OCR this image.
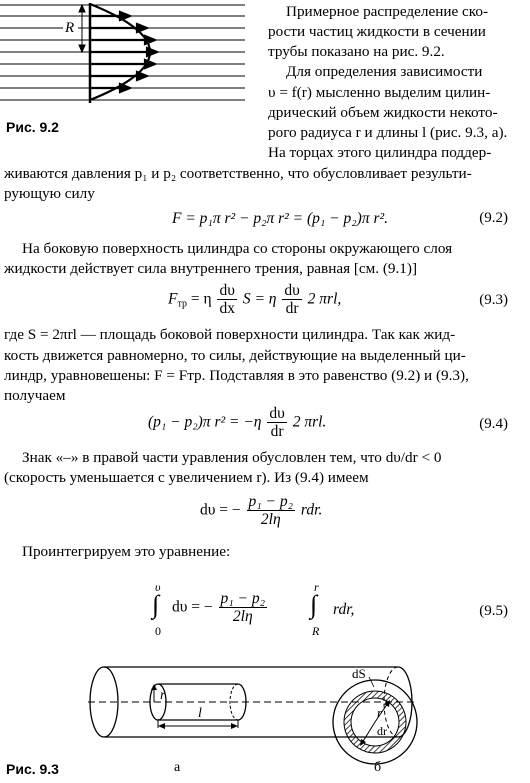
R
Рис. 9.2
Примерное распределение ско-
рости частиц жидкости в сечении
трубы показано на рис. 9.2.
Для определения зависимости
υ = f(r) мысленно выделим цилин-
дрический объем жидкости некото-
рого радиуса r и длины l (рис. 9.3, а).
На торцах этого цилиндра поддер-
живаются давления p₁ и p₂ соответственно, что обусловливает результи-
рующую силу
F = p₁π r² − p₂π r² = (p₁ − p₂)π r².	(9.2)
На боковую поверхность цилиндра со стороны окружающего слоя
жидкости действует сила внутреннего трения, равная [см. (9.1)]
$F_{тр} = \eta \frac{d\upsilon}{dx}$ S = η $\frac{d\upsilon}{dr} 2$ πrl,	(9.3)
где S = 2πrl — площадь боковой поверхности цилиндра. Так как жид-
кость движется равномерно, то силы, действующие на выделенный ци-
линдр, уравновешены: F = Fтр. Подставляя в это равенство (9.2) и (9.3),
получаем
(p₁ − p₂)π $r^2 = -\eta \frac{d\upsilon}{dr} 2$ πrl.	(9.4)
Знак «–» в правой части уравления обусловлен тем, что dυ/dr < 0
(скорость уменьшается с увеличением r). Из (9.4) имеем
dυ = − $\frac{\text{p₁ − p₂}}{2l\eta}$ rdr.
Проинтегрируем это уравнение:
υ
∫
0
dυ = − $\frac{\text{p₁ − p₂}}{2l\eta}$
r
∫
R
rdr,	(9.5)
r
l
dS
r
dr
Рис. 9.3	а	б
